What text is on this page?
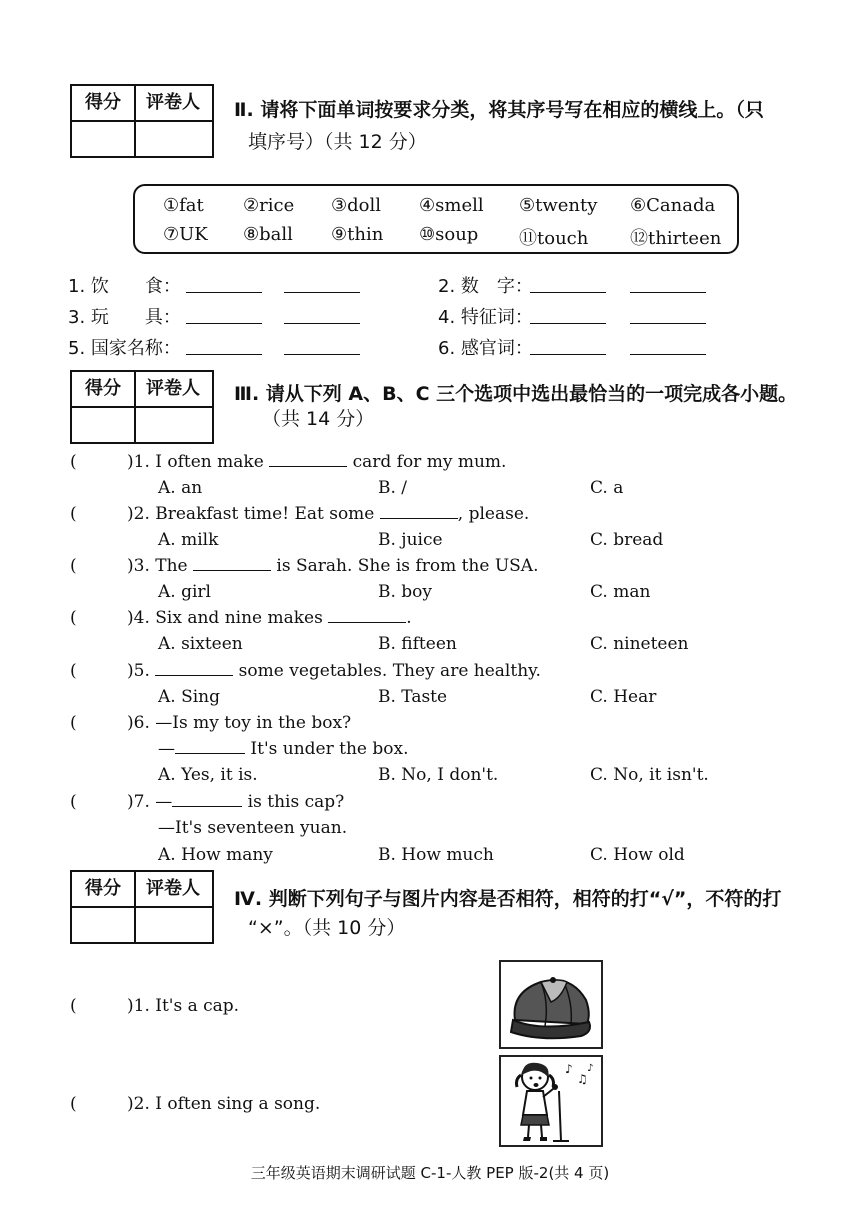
得分	评卷人	Ⅱ. 请将下面单词按要求分类，将其序号写在相应的横线上。（只
填序号）（共 12 分）
①fat ②rice ③doll ④smell ⑤twenty ⑥Canada
⑦UK ⑧ball ⑨thin ⑩soup ⑪touch ⑫thirteen
1. 饮　　食：	2. 数　字：
3. 玩　　具：	4. 特征词：
5. 国家名称：	6. 感官词：
得分	评卷人	Ⅲ. 请从下列 A、B、C 三个选项中选出最恰当的一项完成各小题。
（共 14 分）
(	)1. I often make	card for my mum.
A. an	B. /	C. a
(	)2. Breakfast time! Eat some	, please.
A. milk	B. juice	C. bread
(	)3. The	is Sarah. She is from the USA.
A. girl	B. boy	C. man
(	)4. Six and nine makes	.
A. sixteen	B. fifteen	C. nineteen
(	)5.	some vegetables. They are healthy.
A. Sing	B. Taste	C. Hear
(	)6. —Is my toy in the box?
—	It's under the box.
A. Yes, it is.	B. No, I don't.	C. No, it isn't.
(	)7. —	is this cap?
—It's seventeen yuan.
A. How many	B. How much	C. How old
得分	评卷人	Ⅳ. 判断下列句子与图片内容是否相符，相符的打“√”，不符的打
“×”。（共 10 分）
(	)1. It's a cap.
(	)2. I often sing a song.
♪
♫
♪
三年级英语期末调研试题 C-1-人教 PEP 版-2(共 4 页)
